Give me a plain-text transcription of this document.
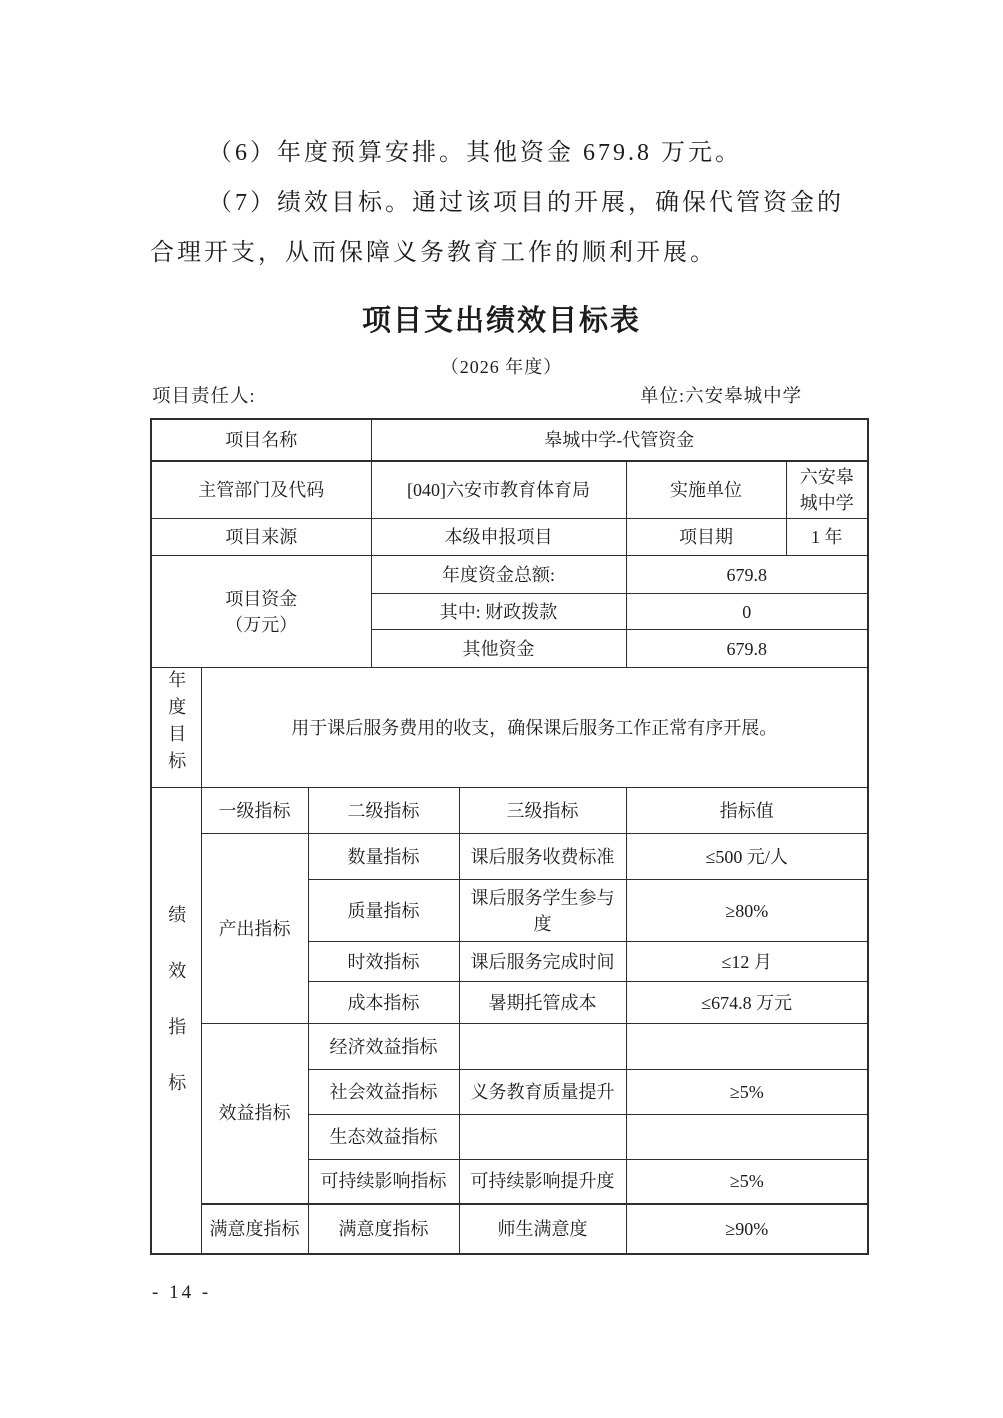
（6）年度预算安排。其他资金 679.8 万元。
（7）绩效目标。通过该项目的开展，确保代管资金的
合理开支，从而保障义务教育工作的顺利开展。
项目支出绩效目标表
（2026 年度）
项目责任人:	单位:六安皋城中学
项目名称			皋城中学-代管资金			
主管部门及代码			[040]六安市教育体育局		实施单位	六安皋城中学
项目来源			本级申报项目		项目期	1 年

项目资金
（万元）			年度资金总额:		679.8	
			其中: 财政拨款		0	
			其他资金		679.8	
年度目标	用于课后服务费用的收支，确保课后服务工作正常有序开展。					
绩效指标	一级指标	二级指标		三级指标	指标值	
	产出指标	数量指标		课后服务收费标准	≤500 元/人	
		质量指标		课后服务学生参与度	≥80%	
		时效指标		课后服务完成时间	≤12 月	
		成本指标		暑期托管成本	≤674.8 万元	
	效益指标	经济效益指标				
		社会效益指标		义务教育质量提升	≥5%	
		生态效益指标				
		可持续影响指标		可持续影响提升度	≥5%	
	满意度指标	满意度指标		师生满意度	≥90%	
- 14 -
